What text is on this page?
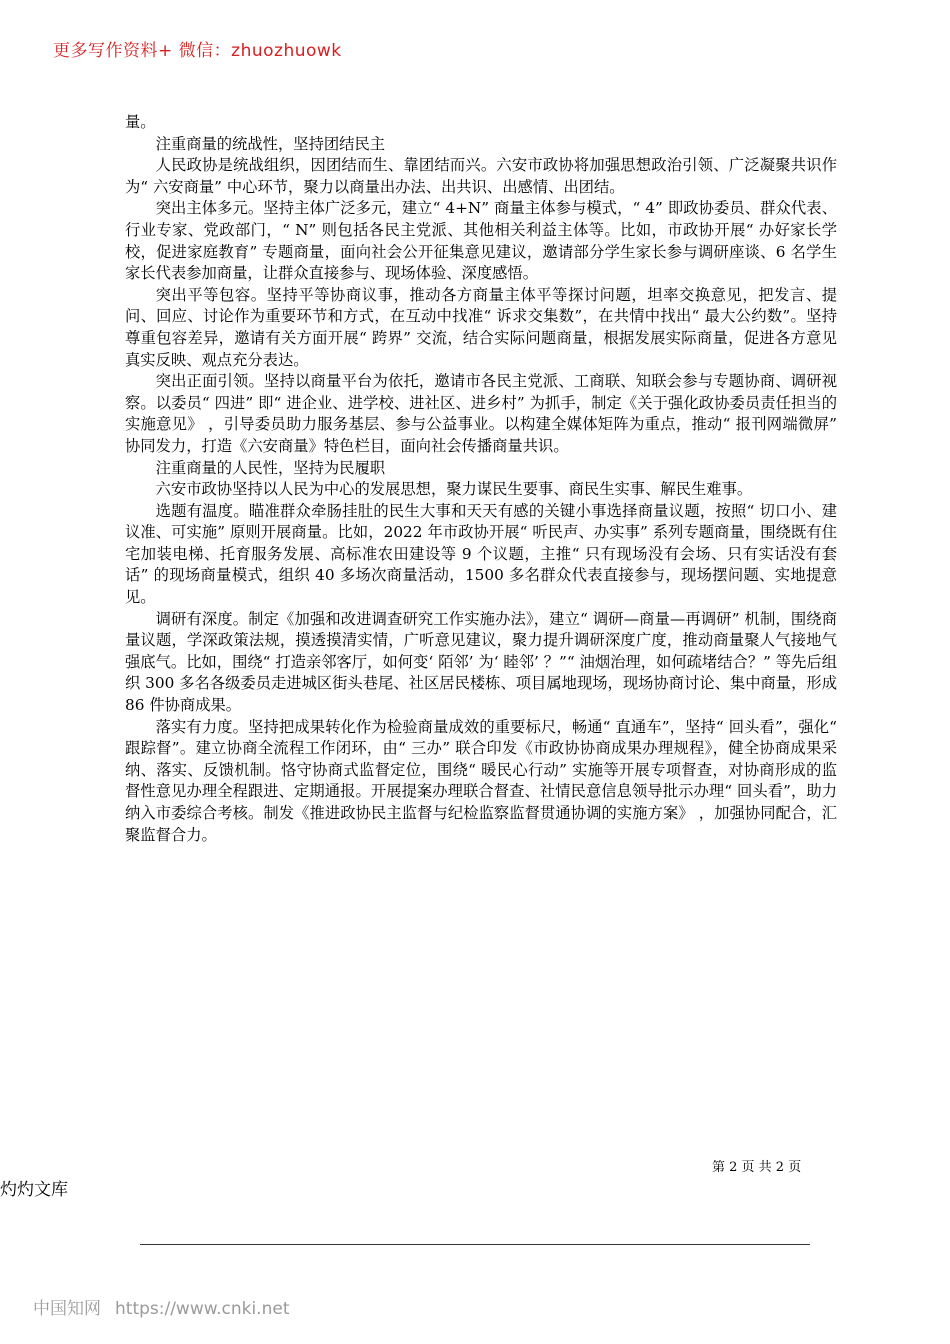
更多写作资料+ 微信：zhuozhuowk

量。

注重商量的统战性，坚持团结民主

人民政协是统战组织，因团结而生、靠团结而兴。六安市政协将加强思想政治引领、广泛凝聚共识作为“ 六安商量” 中心环节，聚力以商量出办法、出共识、出感情、出团结。

突出主体多元。坚持主体广泛多元，建立“ 4+N” 商量主体参与模式，“ 4” 即政协委员、群众代表、行业专家、党政部门，“ N” 则包括各民主党派、其他相关利益主体等。比如，市政协开展“ 办好家长学校，促进家庭教育” 专题商量，面向社会公开征集意见建议，邀请部分学生家长参与调研座谈、6 名学生家长代表参加商量，让群众直接参与、现场体验、深度感悟。

突出平等包容。坚持平等协商议事，推动各方商量主体平等探讨问题，坦率交换意见，把发言、提问、回应、讨论作为重要环节和方式，在互动中找准“ 诉求交集数”，在共情中找出“ 最大公约数”。坚持尊重包容差异，邀请有关方面开展“ 跨界” 交流，结合实际问题商量，根据发展实际商量，促进各方意见真实反映、观点充分表达。

突出正面引领。坚持以商量平台为依托，邀请市各民主党派、工商联、知联会参与专题协商、调研视察。以委员“ 四进” 即“ 进企业、进学校、进社区、进乡村” 为抓手，制定《关于强化政协委员责任担当的实施意见》 ，引导委员助力服务基层、参与公益事业。以构建全媒体矩阵为重点，推动“ 报刊网端微屏” 协同发力，打造《六安商量》特色栏目，面向社会传播商量共识。

注重商量的人民性，坚持为民履职

六安市政协坚持以人民为中心的发展思想，聚力谋民生要事、商民生实事、解民生难事。

选题有温度。瞄准群众牵肠挂肚的民生大事和天天有感的关键小事选择商量议题，按照“ 切口小、建议准、可实施” 原则开展商量。比如，2022 年市政协开展“ 听民声、办实事” 系列专题商量，围绕既有住宅加装电梯、托育服务发展、高标准农田建设等 9 个议题，主推“ 只有现场没有会场、只有实话没有套话” 的现场商量模式，组织 40 多场次商量活动，1500 多名群众代表直接参与，现场摆问题、实地提意见。

调研有深度。制定《加强和改进调查研究工作实施办法》，建立“ 调研—商量—再调研” 机制，围绕商量议题，学深政策法规，摸透摸清实情，广听意见建议，聚力提升调研深度广度，推动商量聚人气接地气强底气。比如，围绕“ 打造亲邻客厅，如何变‘ 陌邻’ 为‘ 睦邻’ ？”“ 油烟治理，如何疏堵结合？” 等先后组织 300 多名各级委员走进城区街头巷尾、社区居民楼栋、项目属地现场，现场协商讨论、集中商量，形成 86 件协商成果。

落实有力度。坚持把成果转化作为检验商量成效的重要标尺，畅通“ 直通车”，坚持“ 回头看”，强化“ 跟踪督”。建立协商全流程工作闭环，由“ 三办” 联合印发《市政协协商成果办理规程》，健全协商成果采纳、落实、反馈机制。恪守协商式监督定位，围绕“ 暖民心行动” 实施等开展专项督查，对协商形成的监督性意见办理全程跟进、定期通报。开展提案办理联合督查、社情民意信息领导批示办理“ 回头看”，助力纳入市委综合考核。制发《推进政协民主监督与纪检监察监督贯通协调的实施方案》 ，加强协同配合，汇聚监督合力。

第 2 页 共 2 页
灼灼文库
中国知网 https://www.cnki.net
